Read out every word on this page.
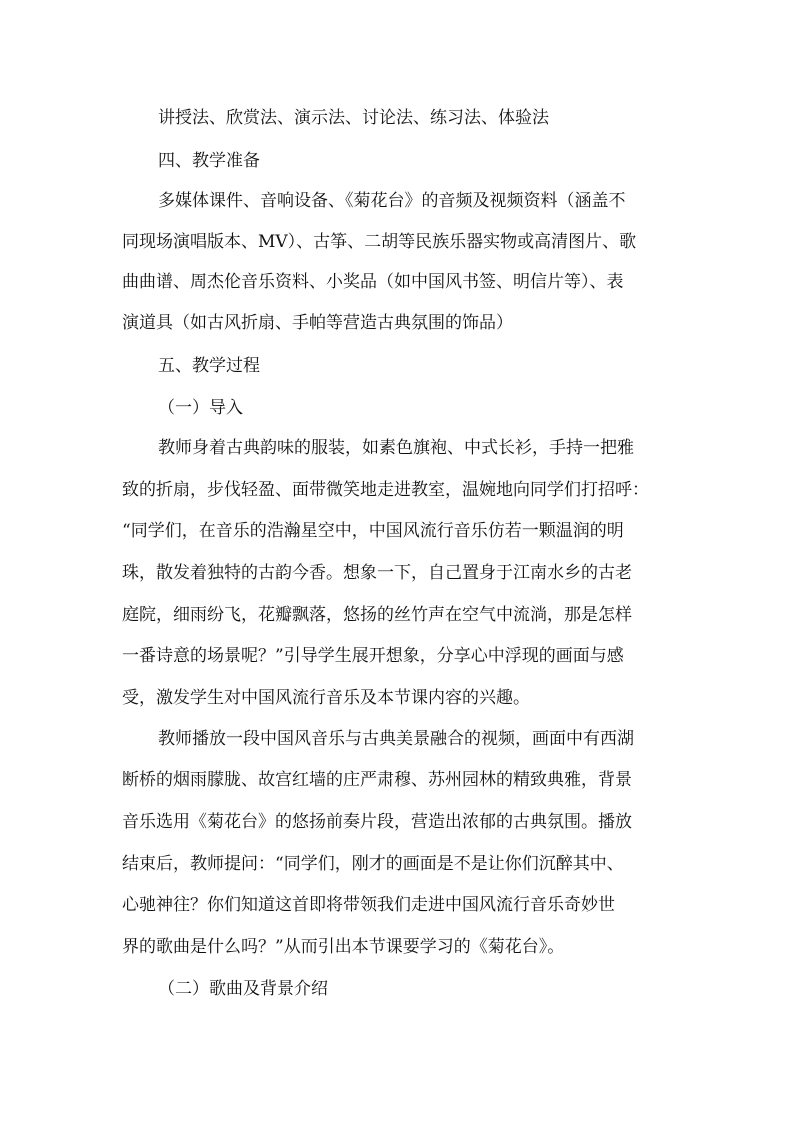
讲授法、欣赏法、演示法、讨论法、练习法、体验法
四、教学准备
多媒体课件、音响设备、《菊花台》的音频及视频资料（涵盖不
同现场演唱版本、MV）、古筝、二胡等民族乐器实物或高清图片、歌
曲曲谱、周杰伦音乐资料、小奖品（如中国风书签、明信片等）、表
演道具（如古风折扇、手帕等营造古典氛围的饰品）
五、教学过程
（一）导入
教师身着古典韵味的服装，如素色旗袍、中式长衫，手持一把雅
致的折扇，步伐轻盈、面带微笑地走进教室，温婉地向同学们打招呼：
“同学们，在音乐的浩瀚星空中，中国风流行音乐仿若一颗温润的明
珠，散发着独特的古韵今香。想象一下，自己置身于江南水乡的古老
庭院，细雨纷飞，花瓣飘落，悠扬的丝竹声在空气中流淌，那是怎样
一番诗意的场景呢？”引导学生展开想象，分享心中浮现的画面与感
受，激发学生对中国风流行音乐及本节课内容的兴趣。
教师播放一段中国风音乐与古典美景融合的视频，画面中有西湖
断桥的烟雨朦胧、故宫红墙的庄严肃穆、苏州园林的精致典雅，背景
音乐选用《菊花台》的悠扬前奏片段，营造出浓郁的古典氛围。播放
结束后，教师提问：“同学们，刚才的画面是不是让你们沉醉其中、
心驰神往？你们知道这首即将带领我们走进中国风流行音乐奇妙世
界的歌曲是什么吗？”从而引出本节课要学习的《菊花台》。
（二）歌曲及背景介绍
